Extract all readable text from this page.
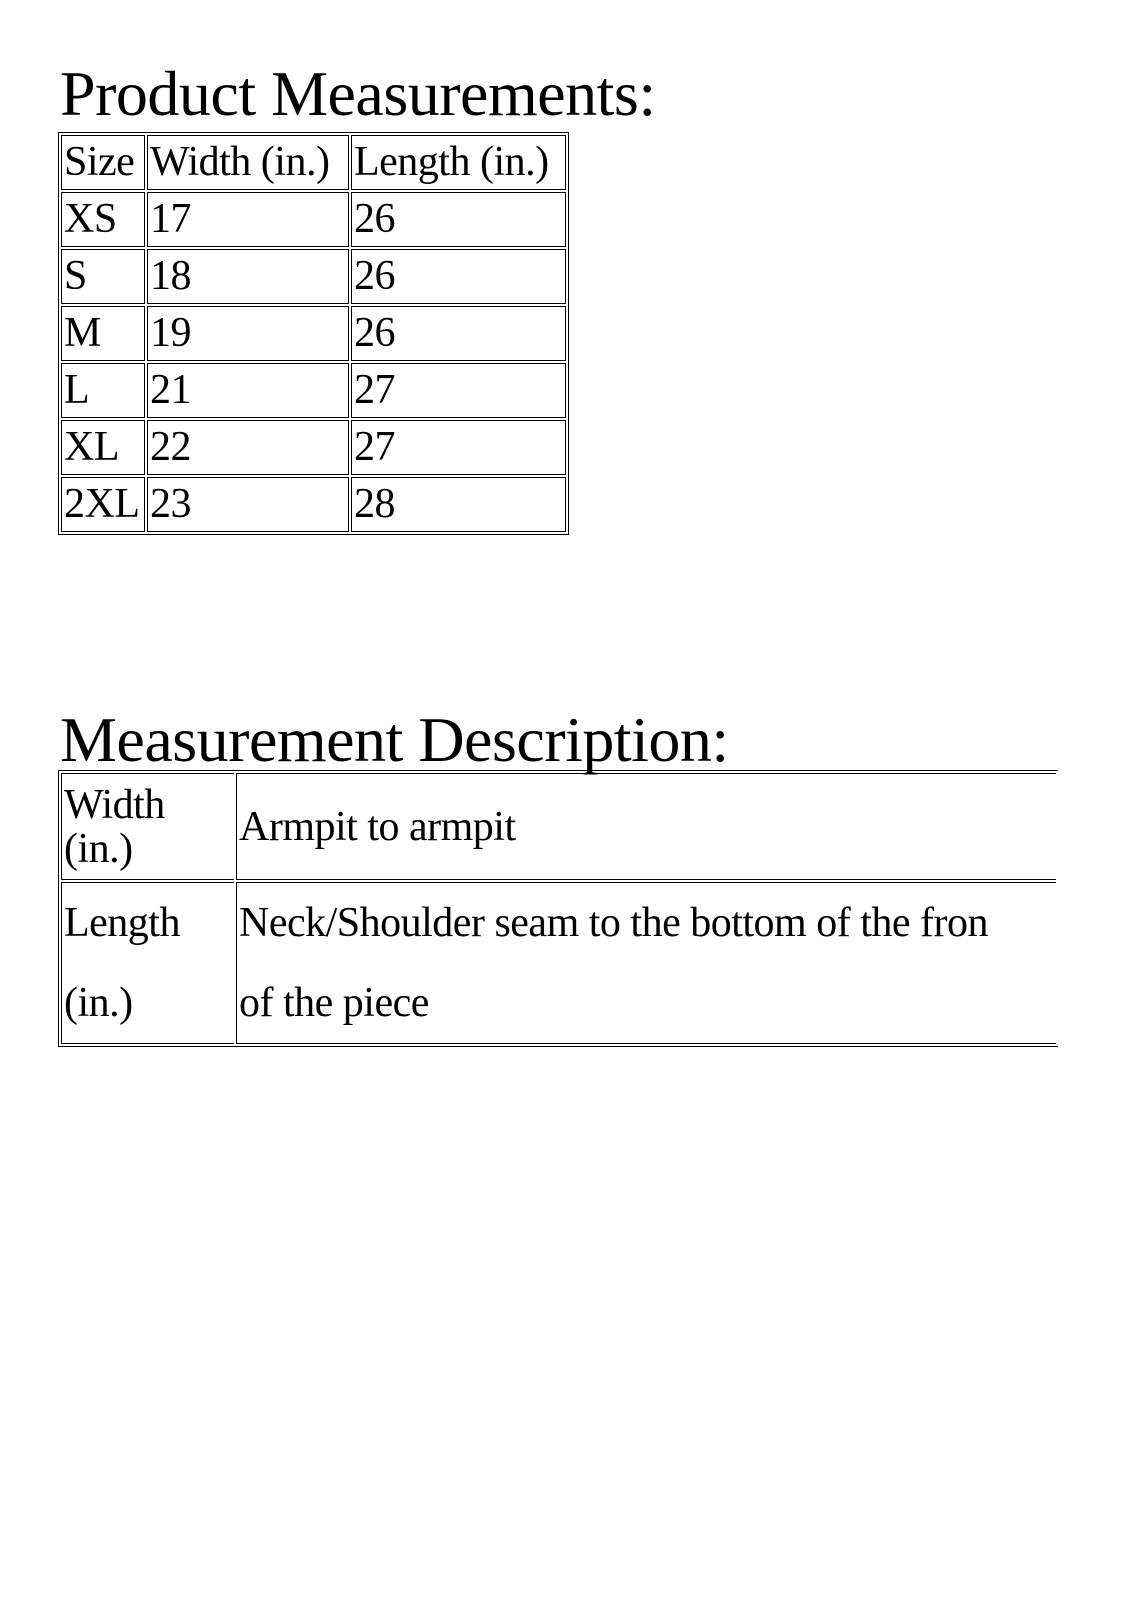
Product Measurements:
Size	Width (in.)	Length (in.)
XS	17	26
S	18	26
M	19	26
L	21	27
XL	22	27
2XL	23	28
Measurement Description:
Width
(in.)	Armpit to armpit

Length
(in.)	Neck/Shoulder seam to the bottom of the fron
of the piece
